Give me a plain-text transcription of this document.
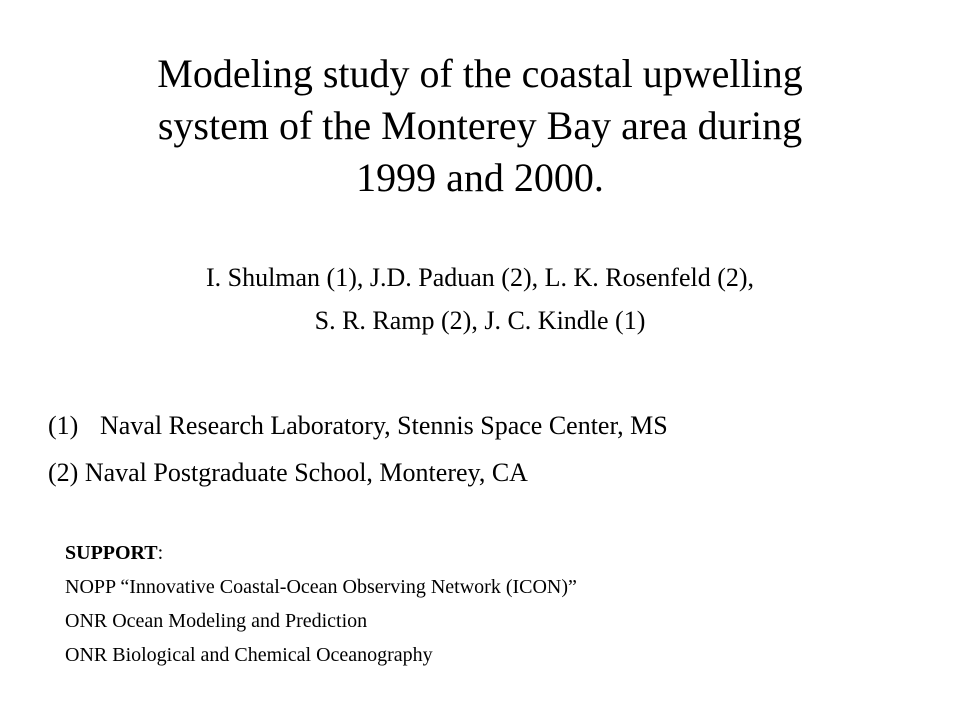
Modeling study of the coastal upwelling
system of the Monterey Bay area during
1999 and 2000.
I. Shulman (1), J.D. Paduan (2), L. K. Rosenfeld (2),
S. R. Ramp (2), J. C. Kindle (1)
(1) Naval Research Laboratory, Stennis Space Center, MS
(2) Naval Postgraduate School, Monterey, CA
SUPPORT:
NOPP “Innovative Coastal-Ocean Observing Network (ICON)”
ONR Ocean Modeling and Prediction
ONR Biological and Chemical Oceanography
